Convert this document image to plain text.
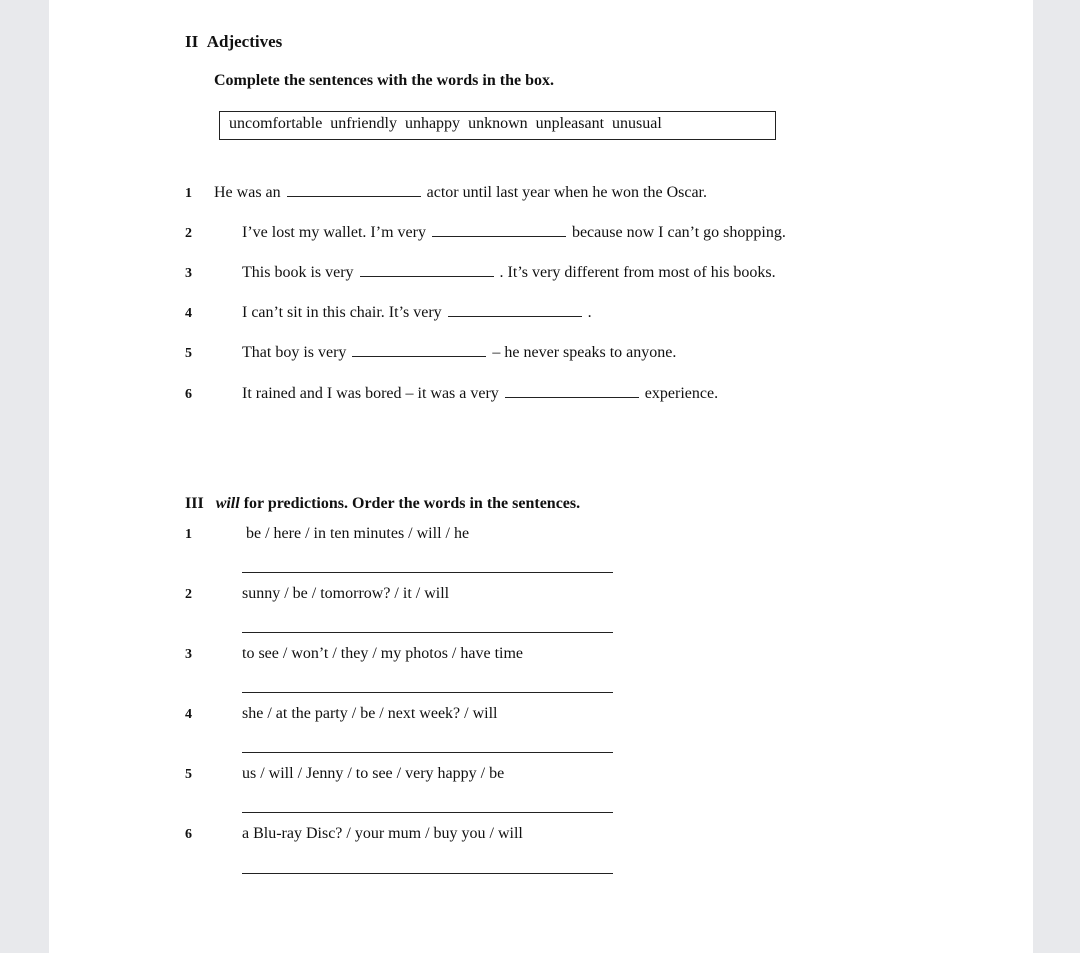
II Adjectives
Complete the sentences with the words in the box.
uncomfortable unfriendly unhappy unknown unpleasant unusual
1 He was an	actor until last year when he won the Oscar.
2	I’ve lost my wallet. I’m very	because now I can’t go shopping.
3	This book is very	. It’s very different from most of his books.
4	I can’t sit in this chair. It’s very	.
5	That boy is very	– he never speaks to anyone.
6	It rained and I was bored – it was a very	experience.
III will for predictions. Order the words in the sentences.
1	be / here / in ten minutes / will / he
2	sunny / be / tomorrow? / it / will
3	to see / won’t / they / my photos / have time
4	she / at the party / be / next week? / will
5	us / will / Jenny / to see / very happy / be
6	a Blu-ray Disc? / your mum / buy you / will
